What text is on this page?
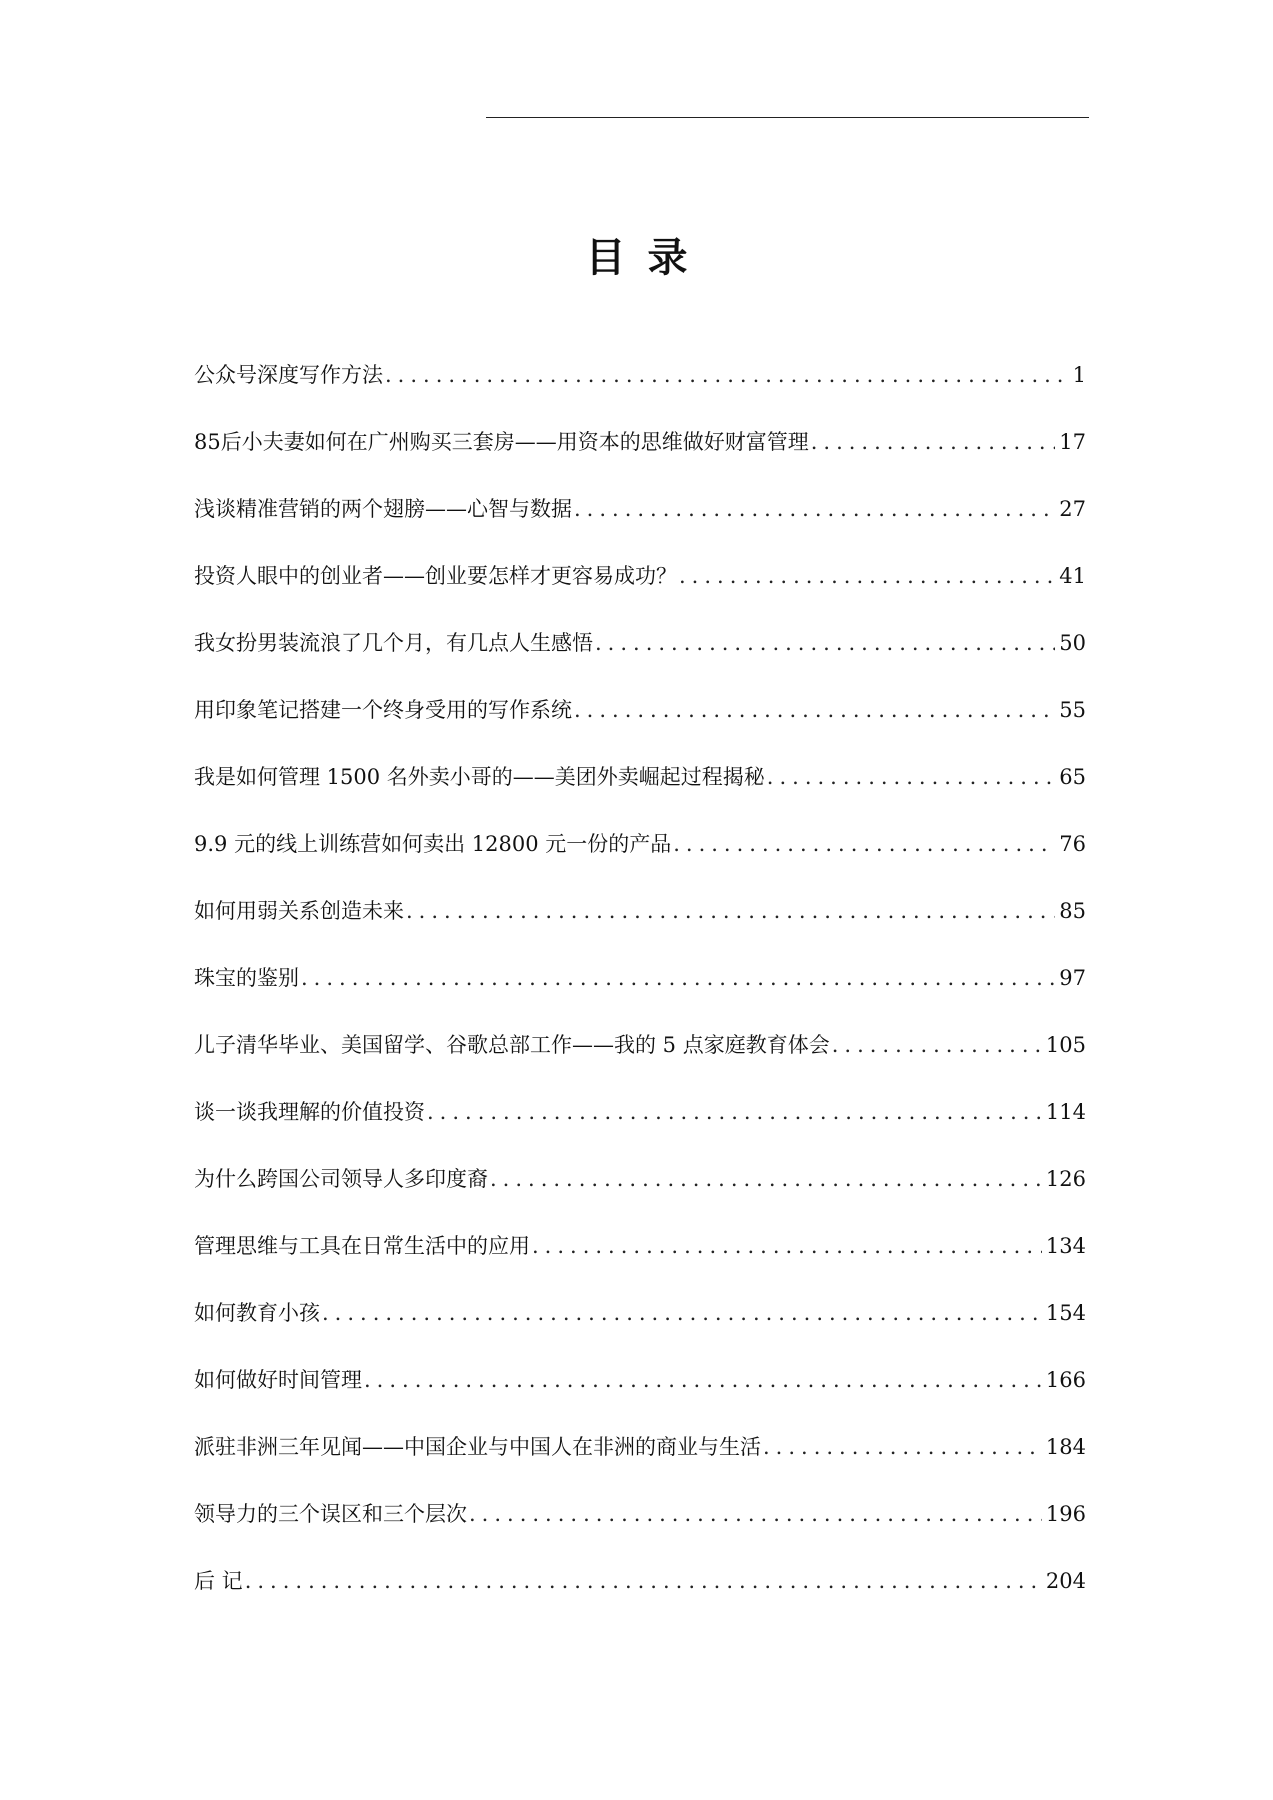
目录
公众号深度写作方法 .....	1
85后小夫妻如何在广州购买三套房——用资本的思维做好财富管理 .....	17
浅谈精准营销的两个翅膀——心智与数据 .....	27
投资人眼中的创业者——创业要怎样才更容易成功？ .....	41
我女扮男装流浪了几个月，有几点人生感悟 .....	50
用印象笔记搭建一个终身受用的写作系统 .....	55
我是如何管理 1500 名外卖小哥的——美团外卖崛起过程揭秘 .....	65
9.9 元的线上训练营如何卖出 12800 元一份的产品 .....	76
如何用弱关系创造未来 .....	85
珠宝的鉴别 .....	97
儿子清华毕业、美国留学、谷歌总部工作——我的 5 点家庭教育体会 .....	105
谈一谈我理解的价值投资 .....	114
为什么跨国公司领导人多印度裔 .....	126
管理思维与工具在日常生活中的应用 .....	134
如何教育小孩 .....	154
如何做好时间管理 .....	166
派驻非洲三年见闻——中国企业与中国人在非洲的商业与生活 .....	184
领导力的三个误区和三个层次 .....	196
后 记 .....	204
